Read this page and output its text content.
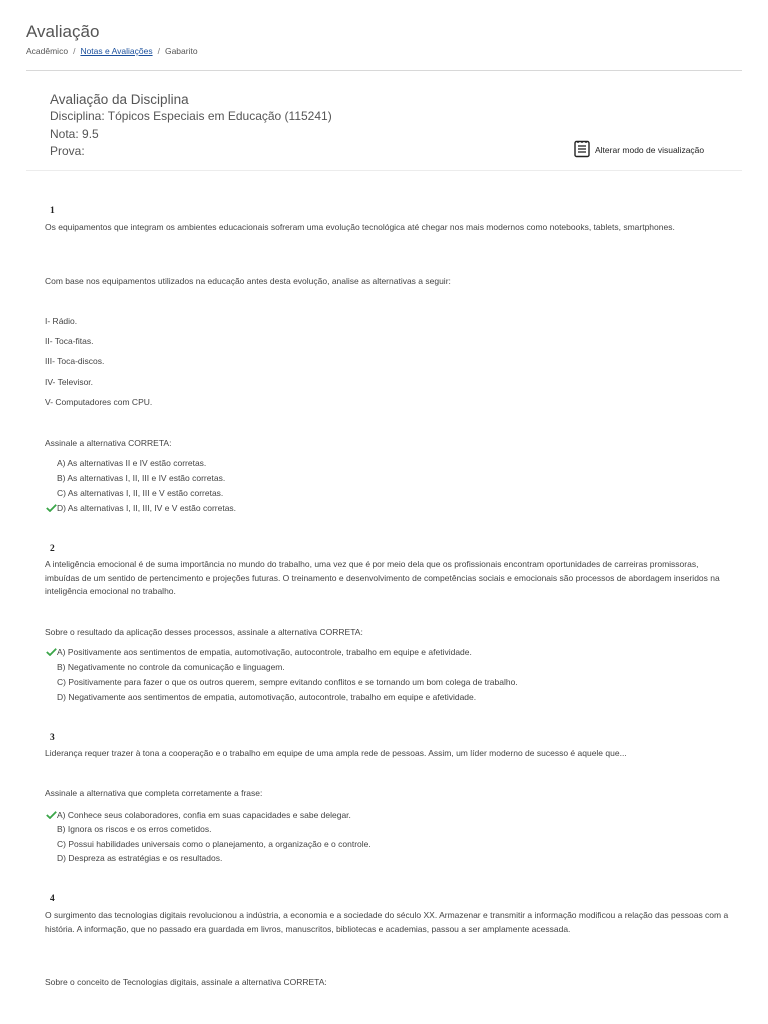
Avaliação
Acadêmico / Notas e Avaliações / Gabarito
Avaliação da Disciplina
Disciplina: Tópicos Especiais em Educação (115241)
Nota: 9.5
Prova:	Alterar modo de visualização
1
Os equipamentos que integram os ambientes educacionais sofreram uma evolução tecnológica até chegar nos mais modernos como notebooks, tablets, smartphones.
Com base nos equipamentos utilizados na educação antes desta evolução, analise as alternativas a seguir:
I- Rádio.
II- Toca-fitas.
III- Toca-discos.
IV- Televisor.
V- Computadores com CPU.
Assinale a alternativa CORRETA:
A) As alternativas II e IV estão corretas.
B) As alternativas I, II, III e IV estão corretas.
C) As alternativas I, II, III e V estão corretas.
D) As alternativas I, II, III, IV e V estão corretas.
2
A inteligência emocional é de suma importância no mundo do trabalho, uma vez que é por meio dela que os profissionais encontram oportunidades de carreiras promissoras, imbuídas de um sentido de pertencimento e projeções futuras. O treinamento e desenvolvimento de competências sociais e emocionais são processos de abordagem inseridos na inteligência emocional no trabalho.
Sobre o resultado da aplicação desses processos, assinale a alternativa CORRETA:
A) Positivamente aos sentimentos de empatia, automotivação, autocontrole, trabalho em equipe e afetividade.
B) Negativamente no controle da comunicação e linguagem.
C) Positivamente para fazer o que os outros querem, sempre evitando conflitos e se tornando um bom colega de trabalho.
D) Negativamente aos sentimentos de empatia, automotivação, autocontrole, trabalho em equipe e afetividade.
3
Liderança requer trazer à tona a cooperação e o trabalho em equipe de uma ampla rede de pessoas. Assim, um líder moderno de sucesso é aquele que...
Assinale a alternativa que completa corretamente a frase:
A) Conhece seus colaboradores, confia em suas capacidades e sabe delegar.
B) Ignora os riscos e os erros cometidos.
C) Possui habilidades universais como o planejamento, a organização e o controle.
D) Despreza as estratégias e os resultados.
4
O surgimento das tecnologias digitais revolucionou a indústria, a economia e a sociedade do século XX. Armazenar e transmitir a informação modificou a relação das pessoas com a história. A informação, que no passado era guardada em livros, manuscritos, bibliotecas e academias, passou a ser amplamente acessada.
Sobre o conceito de Tecnologias digitais, assinale a alternativa CORRETA:
